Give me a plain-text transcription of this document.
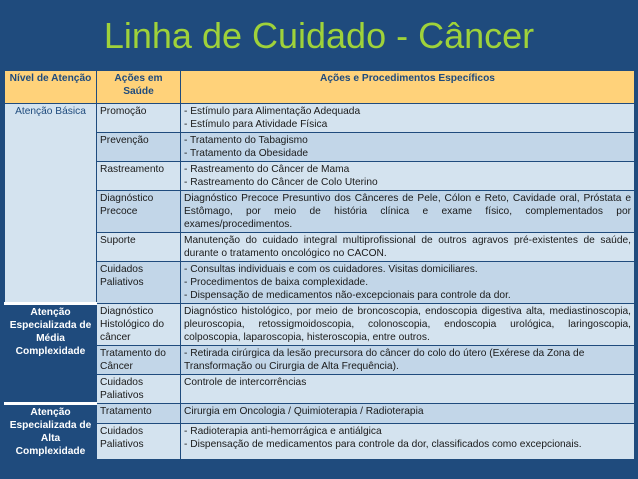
Linha de Cuidado - Câncer
Nível de Atenção	Ações em Saúde	Ações e Procedimentos Específicos
Atenção Básica	Promoção	- Estímulo para Alimentação Adequada
- Estímulo para Atividade Física

	Prevenção	- Tratamento do Tabagismo
- Tratamento da Obesidade

	Rastreamento	- Rastreamento do Câncer de Mama
- Rastreamento do Câncer de Colo Uterino

	Diagnóstico Precoce	Diagnóstico Precoce Presuntivo dos Cânceres de Pele, Cólon e Reto, Cavidade oral, Próstata e Estômago, por meio de história clínica e exame físico, complementados por exames/procedimentos.
	Suporte	Manutenção do cuidado integral multiprofissional de outros agravos pré-existentes de saúde, durante o tratamento oncológico no CACON.
	Cuidados Paliativos	- Consultas individuais e com os cuidadores. Visitas domiciliares.
- Procedimentos de baixa complexidade.
- Dispensação de medicamentos não-excepcionais para controle da dor.

Atenção Especializada de Média Complexidade	Diagnóstico Histológico do câncer	Diagnóstico histológico, por meio de broncoscopia, endoscopia digestiva alta, mediastinoscopia, pleuroscopia, retossigmoidoscopia, colonoscopia, endoscopia urológica, laringoscopia, colposcopia, laparoscopia, histeroscopia, entre outros.
	Tratamento do Câncer	- Retirada cirúrgica da lesão precursora do câncer do colo do útero (Exérese da Zona de Transformação ou Cirurgia de Alta Frequência).
	Cuidados Paliativos	Controle de intercorrências
Atenção Especializada de Alta Complexidade	Tratamento	Cirurgia em Oncologia / Quimioterapia / Radioterapia
	Cuidados Paliativos	- Radioterapia anti-hemorrágica e antiálgica
- Dispensação de medicamentos para controle da dor, classificados como excepcionais.
